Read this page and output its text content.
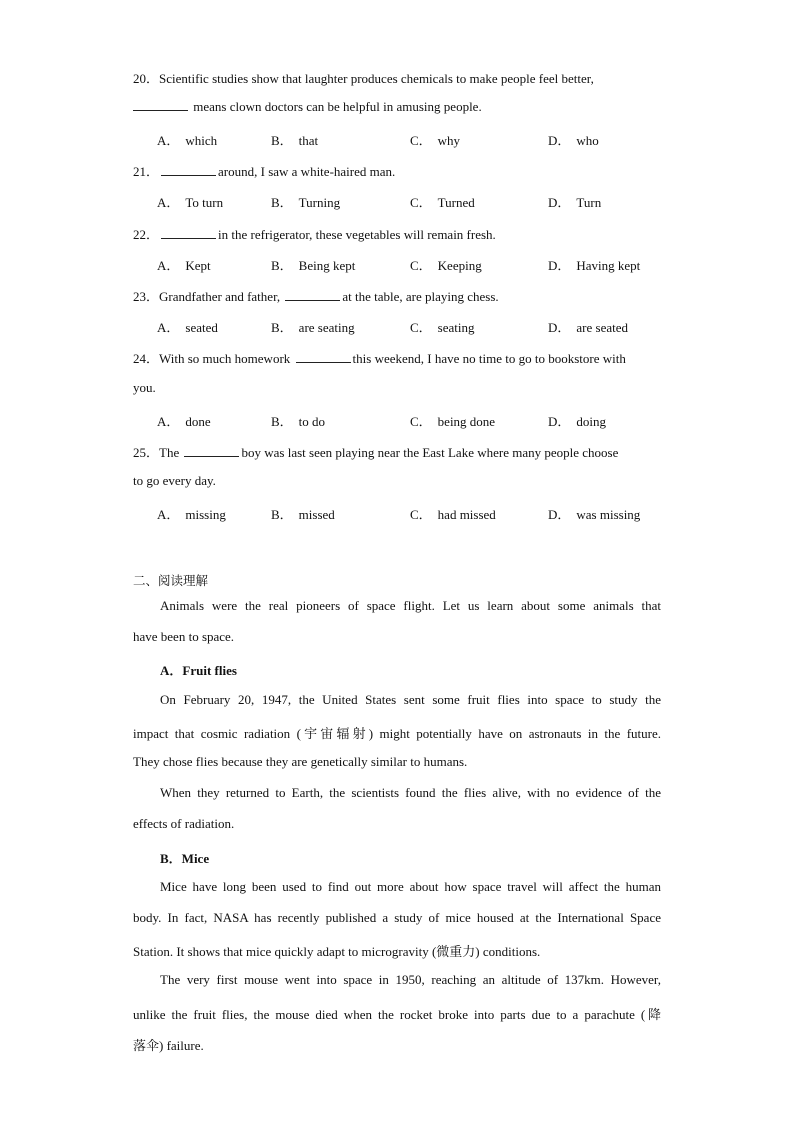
20．Scientific studies show that laughter produces chemicals to make people feel better,
means clown doctors can be helpful in amusing people.
A． which	B． that	C． why	D． who
21．	around, I saw a white-haired man.
A． To turn	B． Turning	C． Turned	D． Turn
22．	in the refrigerator, these vegetables will remain fresh.
A． Kept	B． Being kept	C． Keeping	D． Having kept
23．Grandfather and father,	at the table, are playing chess.
A． seated	B． are seating	C． seating	D． are seated
24．With so much homework	this weekend, I have no time to go to bookstore with
you.
A． done	B． to do	C． being done	D． doing
25．The	boy was last seen playing near the East Lake where many people choose
to go every day.
A． missing	B． missed	C． had missed	D． was missing
二、阅读理解
Animals were the real pioneers of space flight. Let us learn about some animals that
have been to space.
A．Fruit flies
On February 20, 1947, the United States sent some fruit flies into space to study the
impact that cosmic radiation (宇宙辐射) might potentially have on astronauts in the future.
They chose flies because they are genetically similar to humans.
When they returned to Earth, the scientists found the flies alive, with no evidence of the
effects of radiation.
B．Mice
Mice have long been used to find out more about how space travel will affect the human
body. In fact, NASA has recently published a study of mice housed at the International Space
Station. It shows that mice quickly adapt to microgravity (微重力) conditions.
The very first mouse went into space in 1950, reaching an altitude of 137km. However,
unlike the fruit flies, the mouse died when the rocket broke into parts due to a parachute (降
落伞) failure.
